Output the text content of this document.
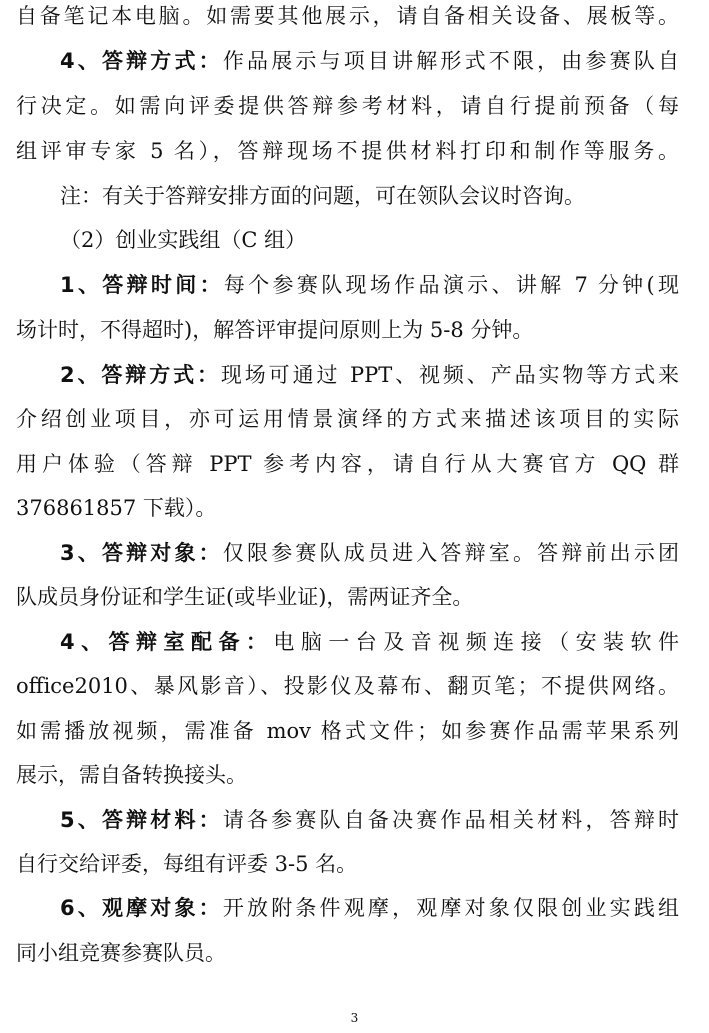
自备笔记本电脑。如需要其他展示，请自备相关设备、展板等。
4、答辩方式：作品展示与项目讲解形式不限，由参赛队自
行决定。如需向评委提供答辩参考材料，请自行提前预备（每
组评审专家 5 名），答辩现场不提供材料打印和制作等服务。
注：有关于答辩安排方面的问题，可在领队会议时咨询。
（2）创业实践组（C 组）
1、答辩时间：每个参赛队现场作品演示、讲解 7 分钟(现
场计时，不得超时)，解答评审提问原则上为 5-8 分钟。
2、答辩方式：现场可通过 PPT、视频、产品实物等方式来
介绍创业项目，亦可运用情景演绎的方式来描述该项目的实际
用户体验（答辩 PPT 参考内容，请自行从大赛官方 QQ 群
376861857 下载）。
3、答辩对象：仅限参赛队成员进入答辩室。答辩前出示团
队成员身份证和学生证(或毕业证)，需两证齐全。
4、答辩室配备：电脑一台及音视频连接（安装软件
office2010、暴风影音）、投影仪及幕布、翻页笔；不提供网络。
如需播放视频，需准备 mov 格式文件；如参赛作品需苹果系列
展示，需自备转换接头。
5、答辩材料：请各参赛队自备决赛作品相关材料，答辩时
自行交给评委，每组有评委 3-5 名。
6、观摩对象：开放附条件观摩，观摩对象仅限创业实践组
同小组竞赛参赛队员。
3
